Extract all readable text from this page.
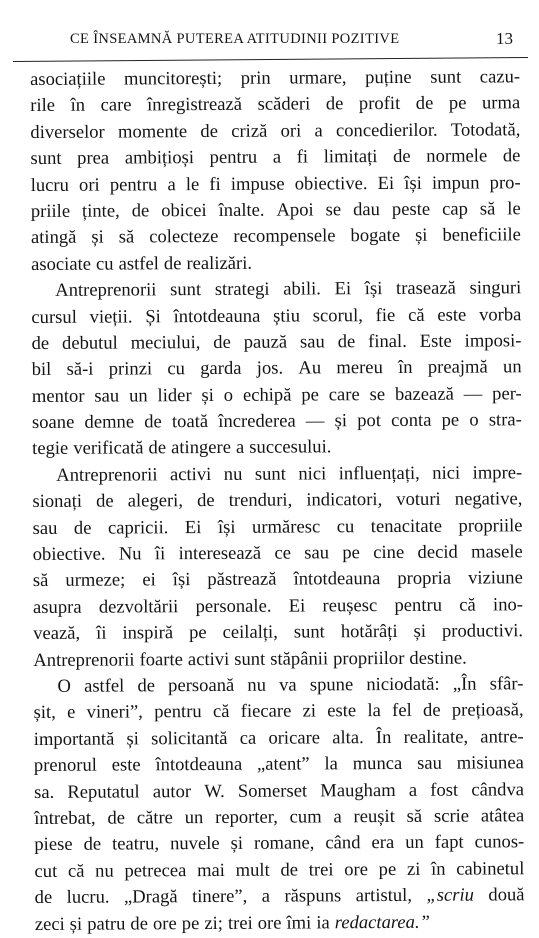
CE ÎNSEAMNĂ PUTEREA ATITUDINII POZITIVE	13
asociațiile muncitorești; prin urmare, puține sunt cazu-
rile în care înregistrează scăderi de profit de pe urma
diverselor momente de criză ori a concedierilor. Totodată,
sunt prea ambițioși pentru a fi limitați de normele de
lucru ori pentru a le fi impuse obiective. Ei își impun pro-
priile ținte, de obicei înalte. Apoi se dau peste cap să le
atingă și să colecteze recompensele bogate și beneficiile
asociate cu astfel de realizări.
Antreprenorii sunt strategi abili. Ei își trasează singuri
cursul vieții. Și întotdeauna știu scorul, fie că este vorba
de debutul meciului, de pauză sau de final. Este imposi-
bil să-i prinzi cu garda jos. Au mereu în preajmă un
mentor sau un lider și o echipă pe care se bazează — per-
soane demne de toată încrederea — și pot conta pe o stra-
tegie verificată de atingere a succesului.
Antreprenorii activi nu sunt nici influențați, nici impre-
sionați de alegeri, de trenduri, indicatori, voturi negative,
sau de capricii. Ei își urmăresc cu tenacitate propriile
obiective. Nu îi interesează ce sau pe cine decid masele
să urmeze; ei își păstrează întotdeauna propria viziune
asupra dezvoltării personale. Ei reușesc pentru că ino-
vează, îi inspiră pe ceilalți, sunt hotărâți și productivi.
Antreprenorii foarte activi sunt stăpânii propriilor destine.
O astfel de persoană nu va spune niciodată: „În sfâr-
șit, e vineri”, pentru că fiecare zi este la fel de prețioasă,
importantă și solicitantă ca oricare alta. În realitate, antre-
prenorul este întotdeauna „atent” la munca sau misiunea
sa. Reputatul autor W. Somerset Maugham a fost cândva
întrebat, de către un reporter, cum a reușit să scrie atâtea
piese de teatru, nuvele și romane, când era un fapt cunos-
cut că nu petrecea mai mult de trei ore pe zi în cabinetul
de lucru. „Dragă tinere”, a răspuns artistul, „scriu două
zeci și patru de ore pe zi; trei ore îmi ia redactarea.”
